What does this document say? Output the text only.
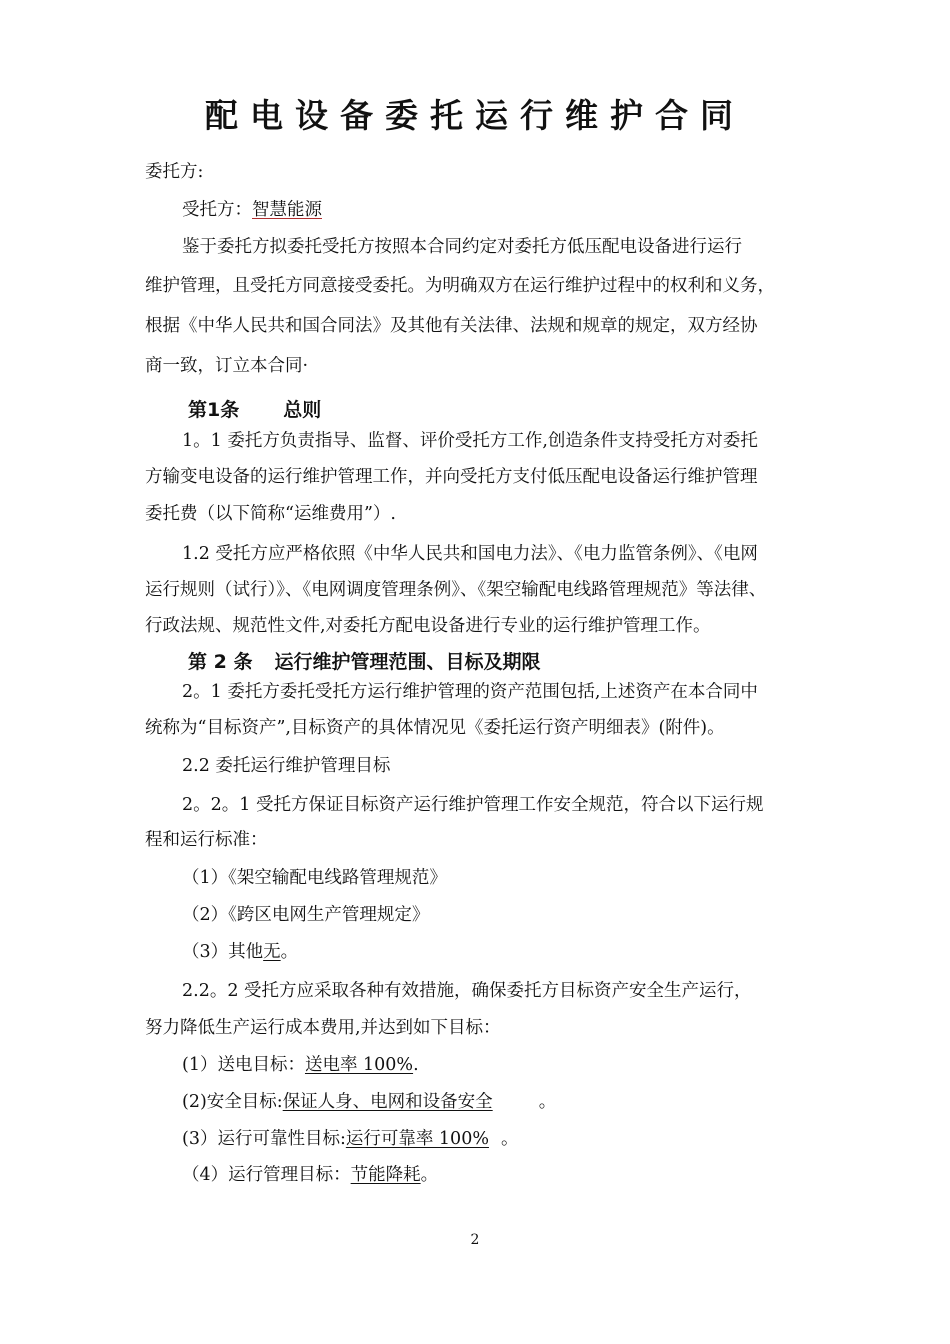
配电设备委托运行维护合同
委托方:
受托方：智慧能源
鉴于委托方拟委托受托方按照本合同约定对委托方低压配电设备进行运行
维护管理，且受托方同意接受委托。为明确双方在运行维护过程中的权利和义务，
根据《中华人民共和国合同法》及其他有关法律、法规和规章的规定，双方经协
商一致，订立本合同·
第1条 总则
1。1 委托方负责指导、监督、评价受托方工作,创造条件支持受托方对委托
方输变电设备的运行维护管理工作，并向受托方支付低压配电设备运行维护管理
委托费（以下简称“运维费用”）.
1.2 受托方应严格依照《中华人民共和国电力法》、《电力监管条例》、《电网
运行规则（试行）》、《电网调度管理条例》、《架空输配电线路管理规范》等法律、
行政法规、规范性文件,对委托方配电设备进行专业的运行维护管理工作。
第 2 条 运行维护管理范围、目标及期限
2。1 委托方委托受托方运行维护管理的资产范围包括,上述资产在本合同中
统称为“目标资产”,目标资产的具体情况见《委托运行资产明细表》(附件)。
2.2 委托运行维护管理目标
2。2。1 受托方保证目标资产运行维护管理工作安全规范，符合以下运行规
程和运行标准：
（1）《架空输配电线路管理规范》
（2）《跨区电网生产管理规定》
（3）其他无。
2.2。2 受托方应采取各种有效措施，确保委托方目标资产安全生产运行，
努力降低生产运行成本费用,并达到如下目标：
(1）送电目标：送电率 100%.
(2)安全目标:保证人身、电网和设备安全	。
(3）运行可靠性目标:运行可靠率 100% 。
（4）运行管理目标：节能降耗。
2
